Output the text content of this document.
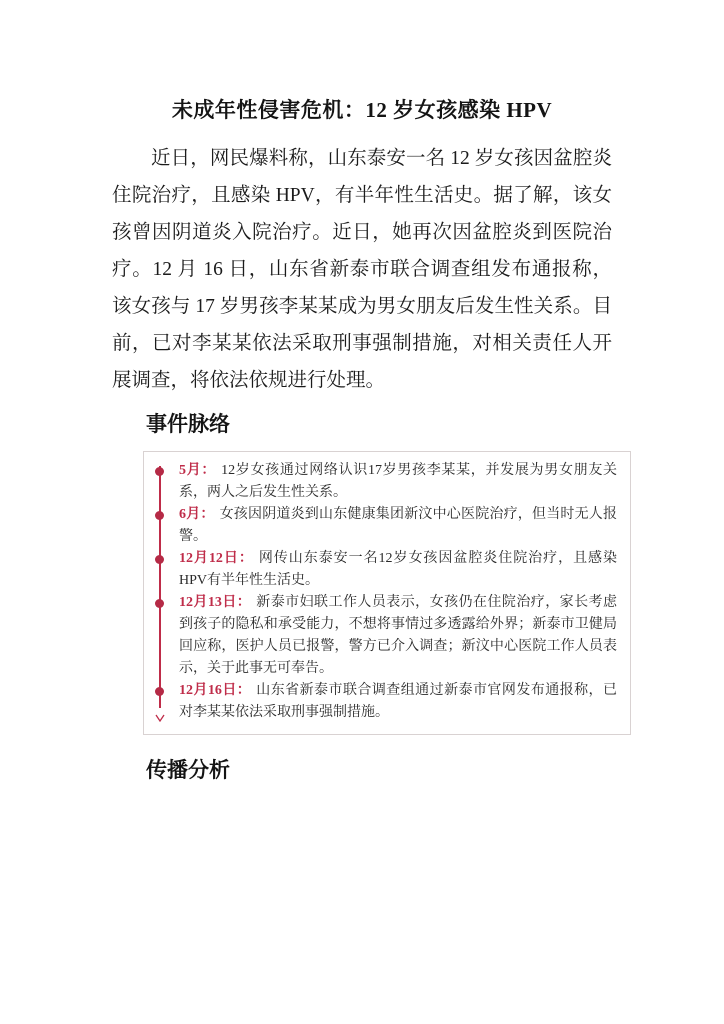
未成年性侵害危机：12 岁女孩感染 HPV

近日，网民爆料称，山东泰安一名 12 岁女孩因盆腔炎住院治疗，且感染 HPV，有半年性生活史。据了解，该女孩曾因阴道炎入院治疗。近日，她再次因盆腔炎到医院治疗。12 月 16 日，山东省新泰市联合调查组发布通报称，该女孩与 17 岁男孩李某某成为男女朋友后发生性关系。目前，已对李某某依法采取刑事强制措施，对相关责任人开展调查，将依法依规进行处理。

事件脉络
5月： 12岁女孩通过网络认识17岁男孩李某某，并发展为男女朋友关系，两人之后发生性关系。
6月： 女孩因阴道炎到山东健康集团新汶中心医院治疗，但当时无人报警。
12月12日： 网传山东泰安一名12岁女孩因盆腔炎住院治疗，且感染HPV有半年性生活史。
12月13日： 新泰市妇联工作人员表示，女孩仍在住院治疗，家长考虑到孩子的隐私和承受能力，不想将事情过多透露给外界；新泰市卫健局回应称，医护人员已报警，警方已介入调查；新汶中心医院工作人员表示，关于此事无可奉告。
12月16日： 山东省新泰市联合调查组通过新泰市官网发布通报称，已对李某某依法采取刑事强制措施。
传播分析
